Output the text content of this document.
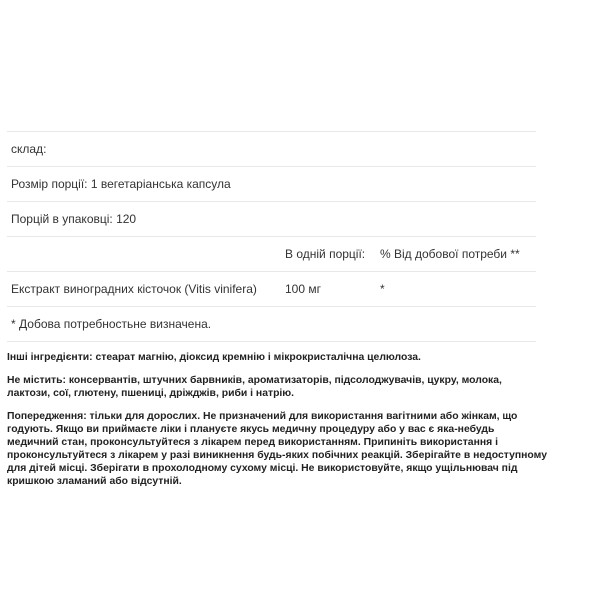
склад:
Розмір порції: 1 вегетаріанська капсула
Порцій в упаковці: 120
В одній порції: % Від добової потреби **
Екстракт виноградних кісточок (Vitis vinifera) 100 мг	*
* Добова потребностьне визначена.

Інші інгредієнти: стеарат магнію, діоксид кремнію і мікрокристалічна целюлоза.

Не містить: консервантів, штучних барвників, ароматизаторів, підсолоджувачів, цукру, молока, лактози, сої, глютену, пшениці, дріжджів, риби і натрію.

Попередження: тільки для дорослих. Не призначений для використання вагітними або жінкам, що годують. Якщо ви приймаєте ліки і плануєте якусь медичну процедуру або у вас є яка-небудь медичний стан, проконсультуйтеся з лікарем перед використанням. Припиніть використання і проконсультуйтеся з лікарем у разі виникнення будь-яких побічних реакцій. Зберігайте в недоступному для дітей місці. Зберігати в прохолодному сухому місці. Не використовуйте, якщо ущільнювач під кришкою зламаний або відсутній.
